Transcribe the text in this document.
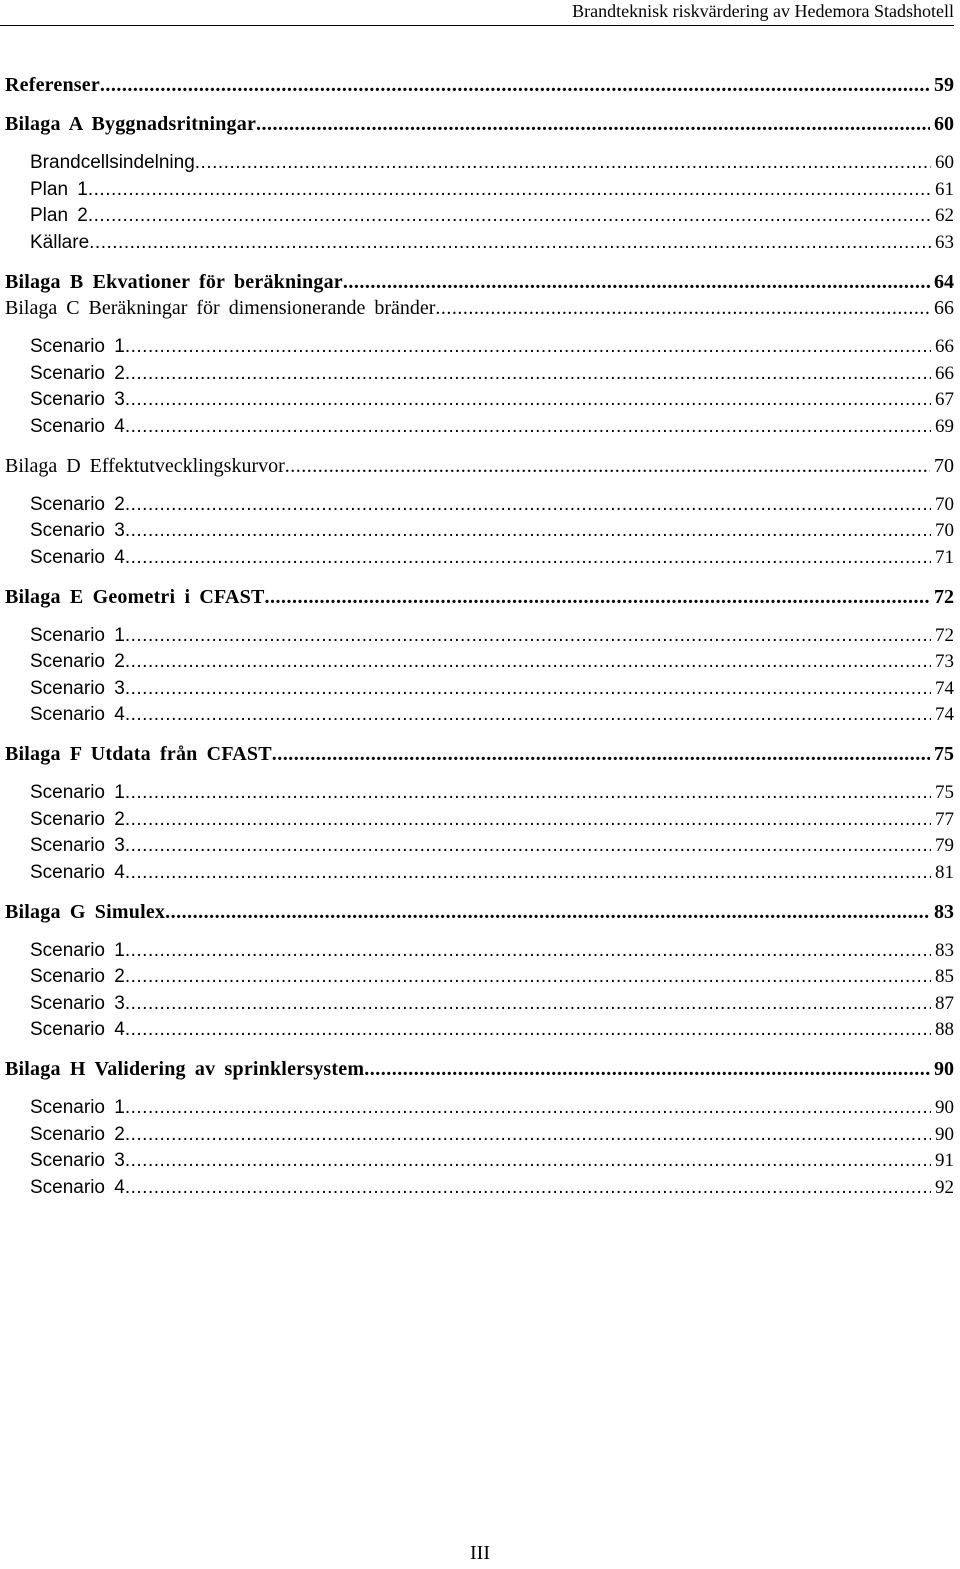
Brandteknisk riskvärdering av Hedemora Stadshotell
Referenser .....	59
Bilaga A Byggnadsritningar .....	60
Brandcellsindelning .....	60
Plan 1 .....	61
Plan 2 .....	62
Källare .....	63
Bilaga B Ekvationer för beräkningar .....	64
Bilaga C Beräkningar för dimensionerande bränder .....	66
Scenario 1 .....	66
Scenario 2 .....	66
Scenario 3 .....	67
Scenario 4 .....	69
Bilaga D Effektutvecklingskurvor .....	70
Scenario 2 .....	70
Scenario 3 .....	70
Scenario 4 .....	71
Bilaga E Geometri i CFAST .....	72
Scenario 1 .....	72
Scenario 2 .....	73
Scenario 3 .....	74
Scenario 4 .....	74
Bilaga F Utdata från CFAST .....	75
Scenario 1 .....	75
Scenario 2 .....	77
Scenario 3 .....	79
Scenario 4 .....	81
Bilaga G Simulex .....	83
Scenario 1 .....	83
Scenario 2 .....	85
Scenario 3 .....	87
Scenario 4 .....	88
Bilaga H Validering av sprinklersystem .....	90
Scenario 1 .....	90
Scenario 2 .....	90
Scenario 3 .....	91
Scenario 4 .....	92
III
